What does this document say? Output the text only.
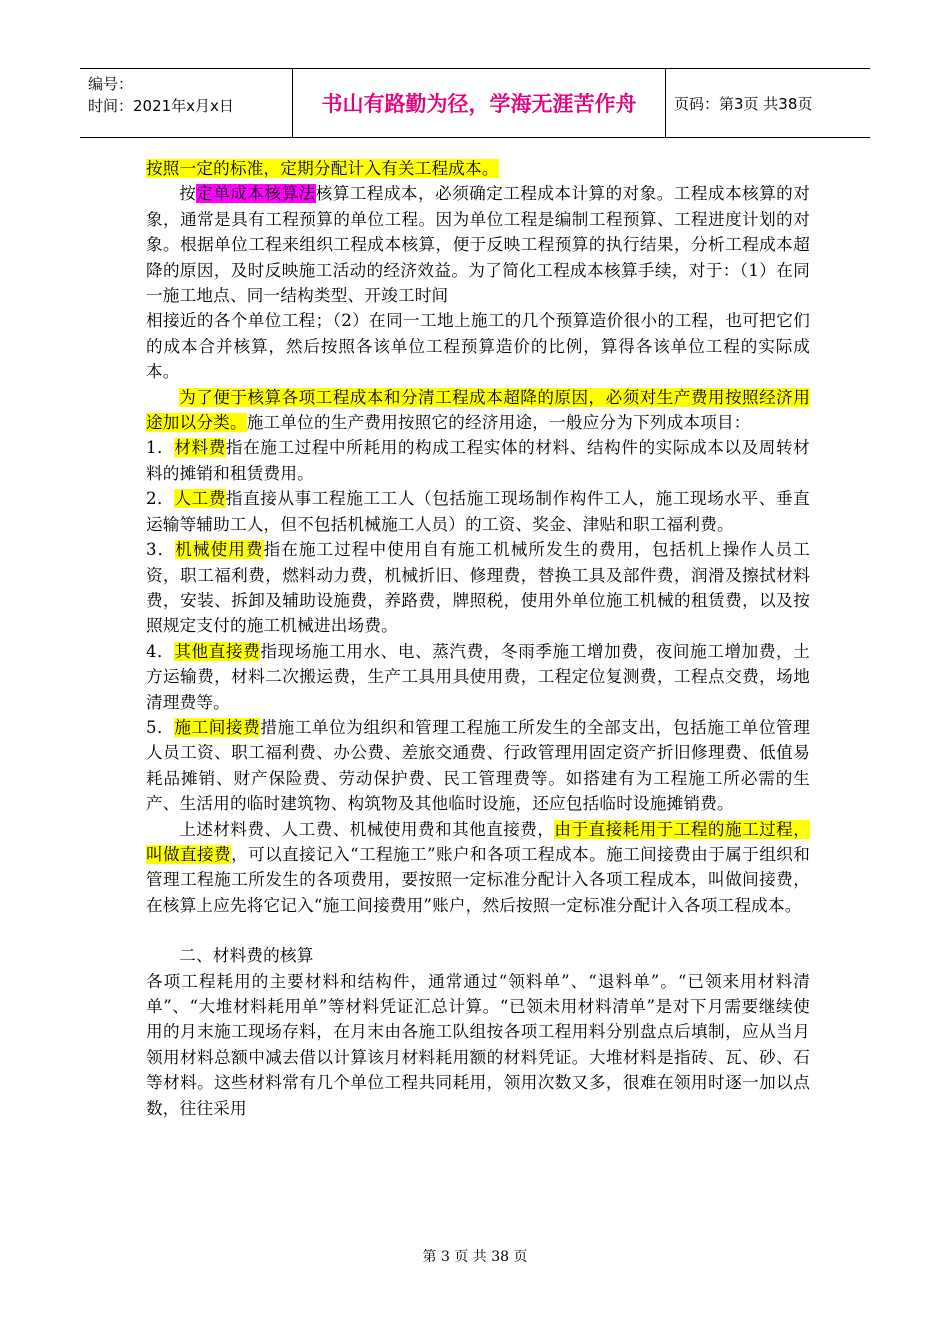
编号：
时间：2021年x月x日	书山有路勤为径，学海无涯苦作舟	页码：第3页 共38页

按照一定的标准，定期分配计入有关工程成本。

按定单成本核算法核算工程成本，必须确定工程成本计算的对象。工程成本核算的对象，通常是具有工程预算的单位工程。因为单位工程是编制工程预算、工程进度计划的对象。根据单位工程来组织工程成本核算，便于反映工程预算的执行结果，分析工程成本超降的原因，及时反映施工活动的经济效益。为了简化工程成本核算手续，对于：（1）在同一施工地点、同一结构类型、开竣工时间

相接近的各个单位工程；（2）在同一工地上施工的几个预算造价很小的工程，也可把它们的成本合并核算，然后按照各该单位工程预算造价的比例，算得各该单位工程的实际成本。

为了便于核算各项工程成本和分清工程成本超降的原因，必须对生产费用按照经济用途加以分类。施工单位的生产费用按照它的经济用途，一般应分为下列成本项目：

1．材料费指在施工过程中所耗用的构成工程实体的材料、结构件的实际成本以及周转材料的摊销和租赁费用。

2．人工费指直接从事工程施工工人（包括施工现场制作构件工人，施工现场水平、垂直运输等辅助工人，但不包括机械施工人员）的工资、奖金、津贴和职工福利费。

3．机械使用费指在施工过程中使用自有施工机械所发生的费用，包括机上操作人员工资，职工福利费，燃料动力费，机械折旧、修理费，替换工具及部件费，润滑及擦拭材料费，安装、拆卸及辅助设施费，养路费，牌照税，使用外单位施工机械的租赁费，以及按照规定支付的施工机械进出场费。

4．其他直接费指现场施工用水、电、蒸汽费，冬雨季施工增加费，夜间施工增加费，土方运输费，材料二次搬运费，生产工具用具使用费，工程定位复测费，工程点交费，场地清理费等。

5．施工间接费措施工单位为组织和管理工程施工所发生的全部支出，包括施工单位管理人员工资、职工福利费、办公费、差旅交通费、行政管理用固定资产折旧修理费、低值易耗品摊销、财产保险费、劳动保护费、民工管理费等。如搭建有为工程施工所必需的生产、生活用的临时建筑物、构筑物及其他临时设施，还应包括临时设施摊销费。

上述材料费、人工费、机械使用费和其他直接费，由于直接耗用于工程的施工过程，叫做直接费，可以直接记入“工程施工”账户和各项工程成本。施工间接费由于属于组织和管理工程施工所发生的各项费用，要按照一定标准分配计入各项工程成本，叫做间接费，在核算上应先将它记入“施工间接费用”账户，然后按照一定标准分配计入各项工程成本。

二、材料费的核算

各项工程耗用的主要材料和结构件，通常通过“领料单”、“退料单”。“已领来用材料清单”、“大堆材料耗用单”等材料凭证汇总计算。“已领未用材料清单”是对下月需要继续使用的月末施工现场存料，在月末由各施工队组按各项工程用料分别盘点后填制，应从当月领用材料总额中减去借以计算该月材料耗用额的材料凭证。大堆材料是指砖、瓦、砂、石等材料。这些材料常有几个单位工程共同耗用，领用次数又多，很难在领用时逐一加以点数，往往采用

第 3 页 共 38 页
